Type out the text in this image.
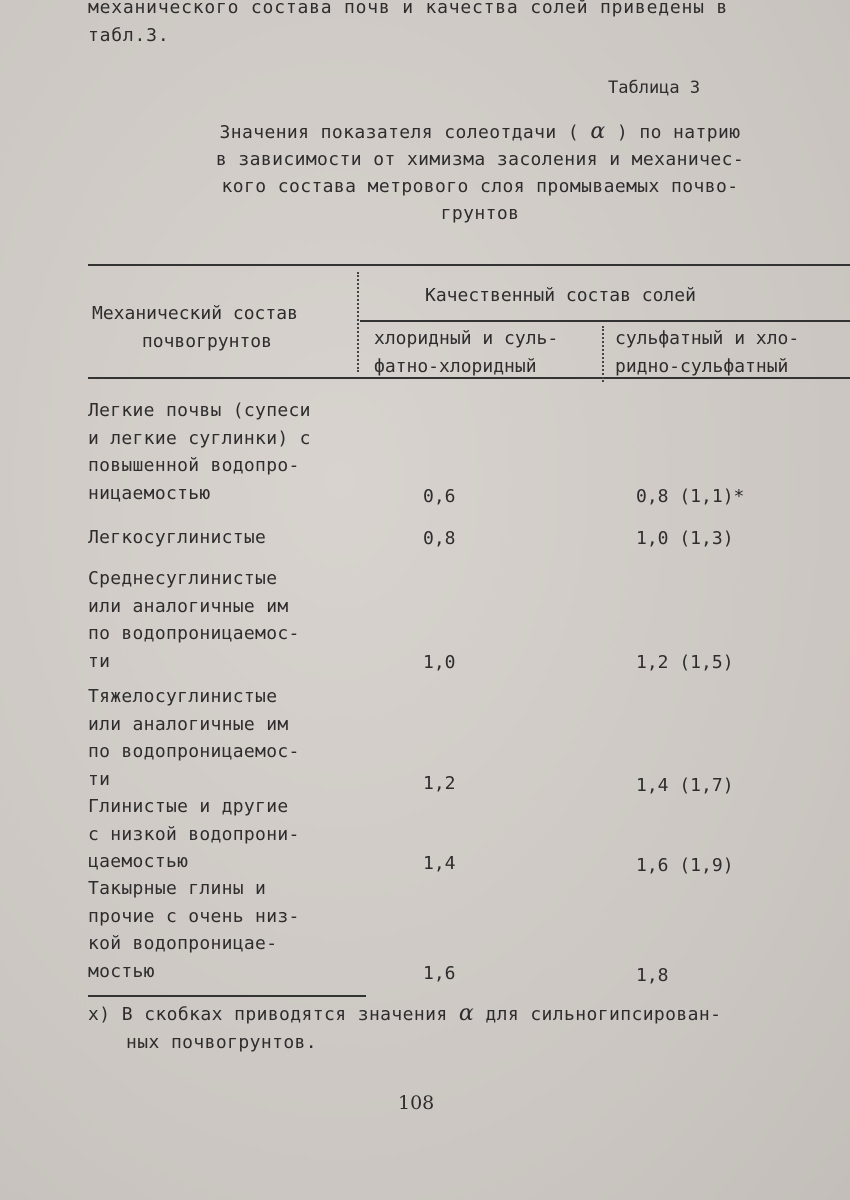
механического состава почв и качества солей приведены в
табл.3.
Таблица 3
Значения показателя солеотдачи ( α ) по натрию
в зависимости от химизма засоления и механичес-
кого состава метрового слоя промываемых почво-
грунтов
Механический состав
почвогрунтов
Качественный состав солей
хлоридный и суль-
фатно-хлоридный
сульфатный и хло-
ридно-сульфатный
Легкие почвы (супеси
и легкие суглинки) с
повышенной водопро-
ницаемостью	0,6	0,8 (1,1)*
Легкосуглинистые	0,8	1,0 (1,3)
Среднесуглинистые
или аналогичные им
по водопроницаемос-
ти	1,0	1,2 (1,5)
Тяжелосуглинистые
или аналогичные им
по водопроницаемос-
ти	1,2	1,4 (1,7)
Глинистые и другие
с низкой водопрони-
цаемостью	1,4	1,6 (1,9)
Такырные глины и
прочие с очень низ-
кой водопроницае-
мостью	1,6	1,8
x) В скобках приводятся значения α для сильногипсирован-
ных почвогрунтов.
108
